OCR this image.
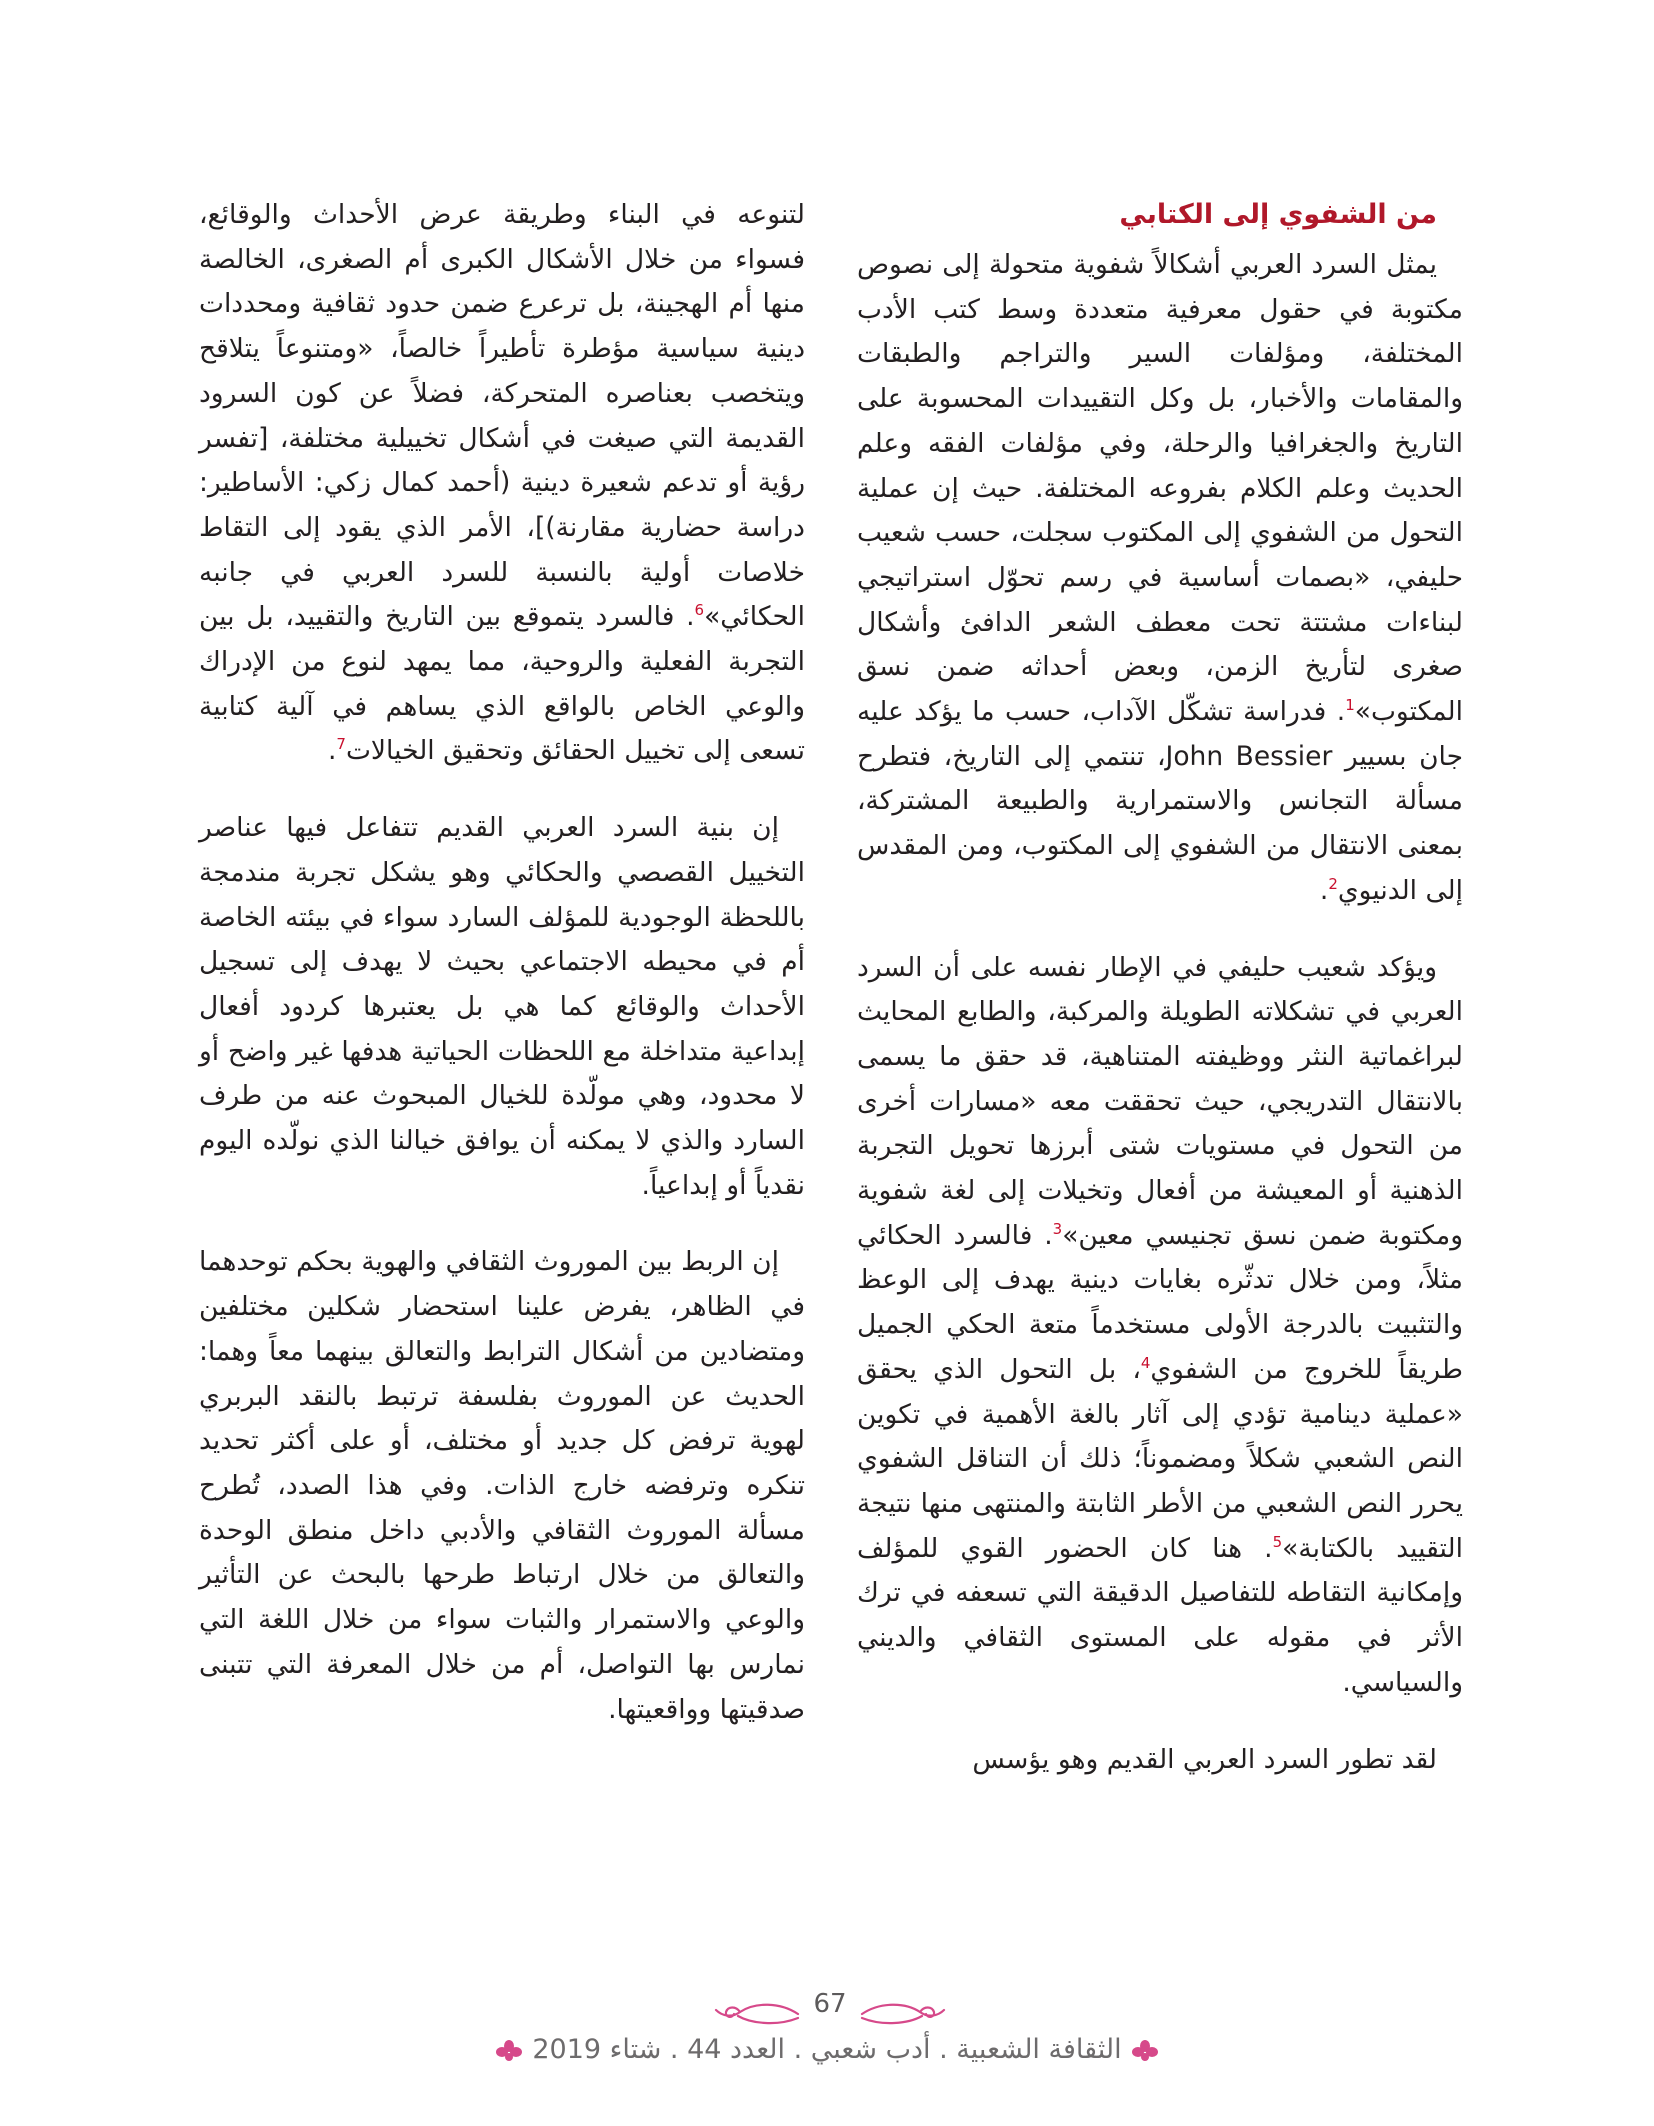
من الشفوي إلى الكتابي

يمثل السرد العربي أشكالاً شفوية متحولة إلى نصوص مكتوبة في حقول معرفية متعددة وسط كتب الأدب المختلفة، ومؤلفات السير والتراجم والطبقات والمقامات والأخبار، بل وكل التقييدات المحسوبة على التاريخ والجغرافيا والرحلة، وفي مؤلفات الفقه وعلم الحديث وعلم الكلام بفروعه المختلفة. حيث إن عملية التحول من الشفوي إلى المكتوب سجلت، حسب شعيب حليفي، «بصمات أساسية في رسم تحوّل استراتيجي لبناءات مشتتة تحت معطف الشعر الدافئ وأشكال صغرى لتأريخ الزمن، وبعض أحداثه ضمن نسق المكتوب»$^1$. فدراسة تشكّل الآداب، حسب ما يؤكد عليه جان بسيير John Bessier، تنتمي إلى التاريخ، فتطرح مسألة التجانس والاستمرارية والطبيعة المشتركة، بمعنى الانتقال من الشفوي إلى المكتوب، ومن المقدس إلى الدنيوي$^2$.

ويؤكد شعيب حليفي في الإطار نفسه على أن السرد العربي في تشكلاته الطويلة والمركبة، والطابع المحايث لبراغماتية النثر ووظيفته المتناهية، قد حقق ما يسمى بالانتقال التدريجي، حيث تحققت معه «مسارات أخرى من التحول في مستويات شتى أبرزها تحويل التجربة الذهنية أو المعيشة من أفعال وتخيلات إلى لغة شفوية ومكتوبة ضمن نسق تجنيسي معين»$^3$. فالسرد الحكائي مثلاً، ومن خلال تدثّره بغايات دينية يهدف إلى الوعظ والتثبيت بالدرجة الأولى مستخدماً متعة الحكي الجميل طريقاً للخروج من الشفوي$^4$، بل التحول الذي يحقق «عملية دينامية تؤدي إلى آثار بالغة الأهمية في تكوين النص الشعبي شكلاً ومضموناً؛ ذلك أن التناقل الشفوي يحرر النص الشعبي من الأطر الثابتة والمنتهى منها نتيجة التقييد بالكتابة»$^5$. هنا كان الحضور القوي للمؤلف وإمكانية التقاطه للتفاصيل الدقيقة التي تسعفه في ترك الأثر في مقوله على المستوى الثقافي والديني والسياسي.

لقد تطور السرد العربي القديم وهو يؤسس

لتنوعه في البناء وطريقة عرض الأحداث والوقائع، فسواء من خلال الأشكال الكبرى أم الصغرى، الخالصة منها أم الهجينة، بل ترعرع ضمن حدود ثقافية ومحددات دينية سياسية مؤطرة تأطيراً خالصاً، «ومتنوعاً يتلاقح ويتخصب بعناصره المتحركة، فضلاً عن كون السرود القديمة التي صيغت في أشكال تخييلية مختلفة، [تفسر رؤية أو تدعم شعيرة دينية (أحمد كمال زكي: الأساطير: دراسة حضارية مقارنة)]، الأمر الذي يقود إلى التقاط خلاصات أولية بالنسبة للسرد العربي في جانبه الحكائي»$^6$. فالسرد يتموقع بين التاريخ والتقييد، بل بين التجربة الفعلية والروحية، مما يمهد لنوع من الإدراك والوعي الخاص بالواقع الذي يساهم في آلية كتابية تسعى إلى تخييل الحقائق وتحقيق الخيالات$^7$.

إن بنية السرد العربي القديم تتفاعل فيها عناصر التخييل القصصي والحكائي وهو يشكل تجربة مندمجة باللحظة الوجودية للمؤلف السارد سواء في بيئته الخاصة أم في محيطه الاجتماعي بحيث لا يهدف إلى تسجيل الأحداث والوقائع كما هي بل يعتبرها كردود أفعال إبداعية متداخلة مع اللحظات الحياتية هدفها غير واضح أو لا محدود، وهي مولّدة للخيال المبحوث عنه من طرف السارد والذي لا يمكنه أن يوافق خيالنا الذي نولّده اليوم نقدياً أو إبداعياً.

إن الربط بين الموروث الثقافي والهوية بحكم توحدهما في الظاهر، يفرض علينا استحضار شكلين مختلفين ومتضادين من أشكال الترابط والتعالق بينهما معاً وهما: الحديث عن الموروث بفلسفة ترتبط بالنقد البربري لهوية ترفض كل جديد أو مختلف، أو على أكثر تحديد تنكره وترفضه خارج الذات. وفي هذا الصدد، تُطرح مسألة الموروث الثقافي والأدبي داخل منطق الوحدة والتعالق من خلال ارتباط طرحها بالبحث عن التأثير والوعي والاستمرار والثبات سواء من خلال اللغة التي نمارس بها التواصل، أم من خلال المعرفة التي تتبنى صدقيتها وواقعيتها.

67
الثقافة الشعبية . أدب شعبي . العدد 44 . شتاء 2019
